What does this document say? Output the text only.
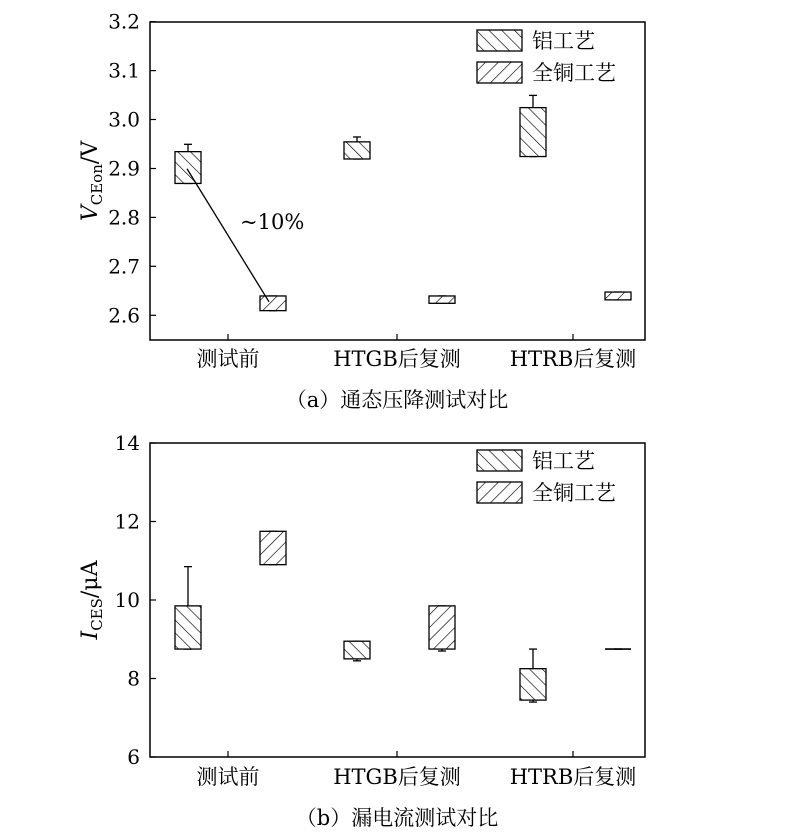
$V_{CEon}/V$
2.6
2.7
2.8
2.9
3.0
3.1
3.2
测试前	HTGB后复测 HTRB后复测
铝工艺
全铜工艺
~10%
（a）通态压降测试对比
$I_{CES}/\mu A$
6
8
10
12
14
测试前	HTGB后复测 HTRB后复测
铝工艺
全铜工艺
（b）漏电流测试对比
